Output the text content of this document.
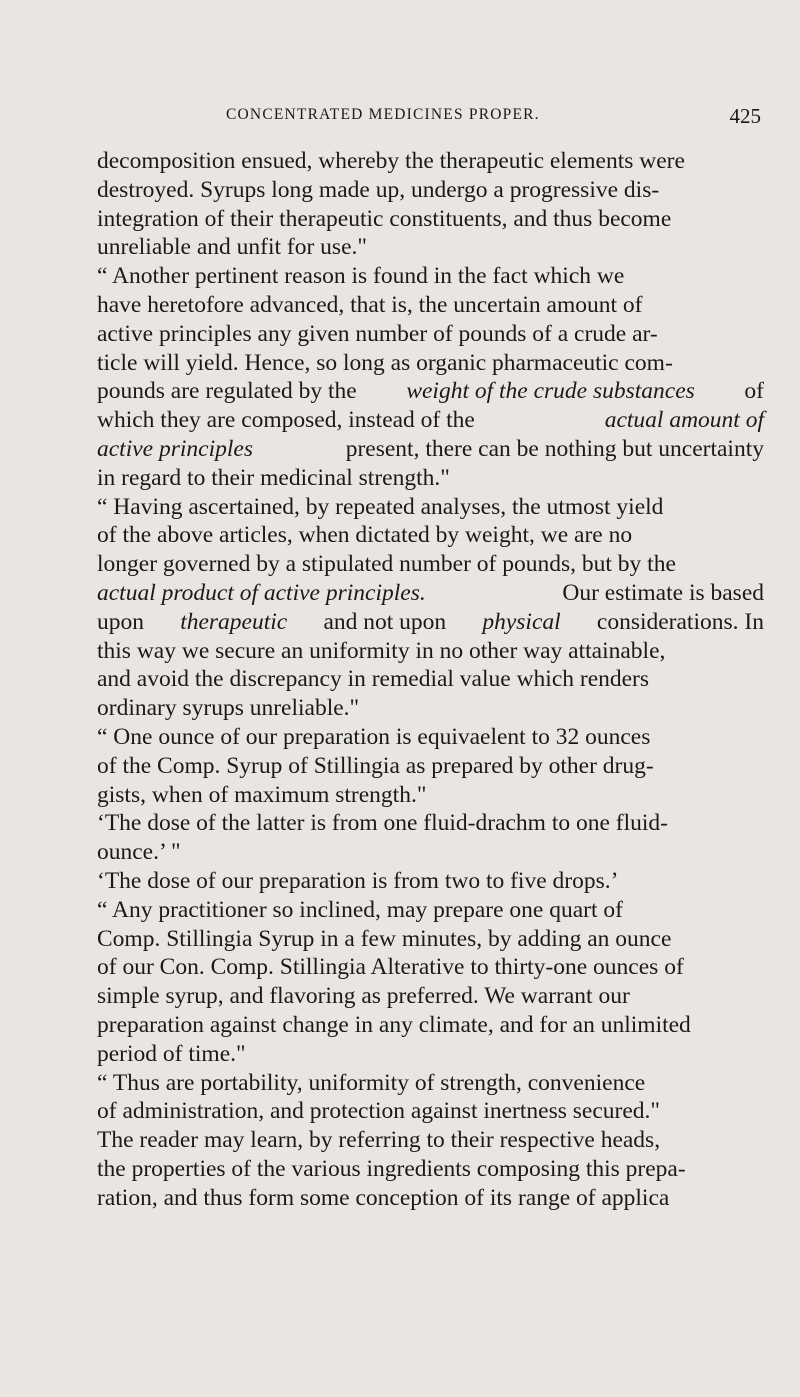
CONCENTRATED MEDICINES PROPER.	425
decomposition ensued, whereby the therapeutic elements were
destroyed. Syrups long made up, undergo a progressive dis-
integration of their therapeutic constituents, and thus become
unreliable and unfit for use."
“ Another pertinent reason is found in the fact which we
have heretofore advanced, that is, the uncertain amount of
active principles any given number of pounds of a crude ar-
ticle will yield. Hence, so long as organic pharmaceutic com-
pounds are regulated by the weight of the crude substances of
which they are composed, instead of the	actual amount of
active principles	present, there can be nothing but uncertainty
in regard to their medicinal strength."
“ Having ascertained, by repeated analyses, the utmost yield
of the above articles, when dictated by weight, we are no
longer governed by a stipulated number of pounds, but by the
actual product of active principles.	Our estimate is based
upon therapeutic and not upon physical considerations. In
this way we secure an uniformity in no other way attainable,
and avoid the discrepancy in remedial value which renders
ordinary syrups unreliable."
“ One ounce of our preparation is equivaelent to 32 ounces
of the Comp. Syrup of Stillingia as prepared by other drug-
gists, when of maximum strength."
‘The dose of the latter is from one fluid-drachm to one fluid-
ounce.’ "
‘The dose of our preparation is from two to five drops.’
“ Any practitioner so inclined, may prepare one quart of
Comp. Stillingia Syrup in a few minutes, by adding an ounce
of our Con. Comp. Stillingia Alterative to thirty-one ounces of
simple syrup, and flavoring as preferred. We warrant our
preparation against change in any climate, and for an unlimited
period of time."
“ Thus are portability, uniformity of strength, convenience
of administration, and protection against inertness secured."
The reader may learn, by referring to their respective heads,
the properties of the various ingredients composing this prepa-
ration, and thus form some conception of its range of applica
